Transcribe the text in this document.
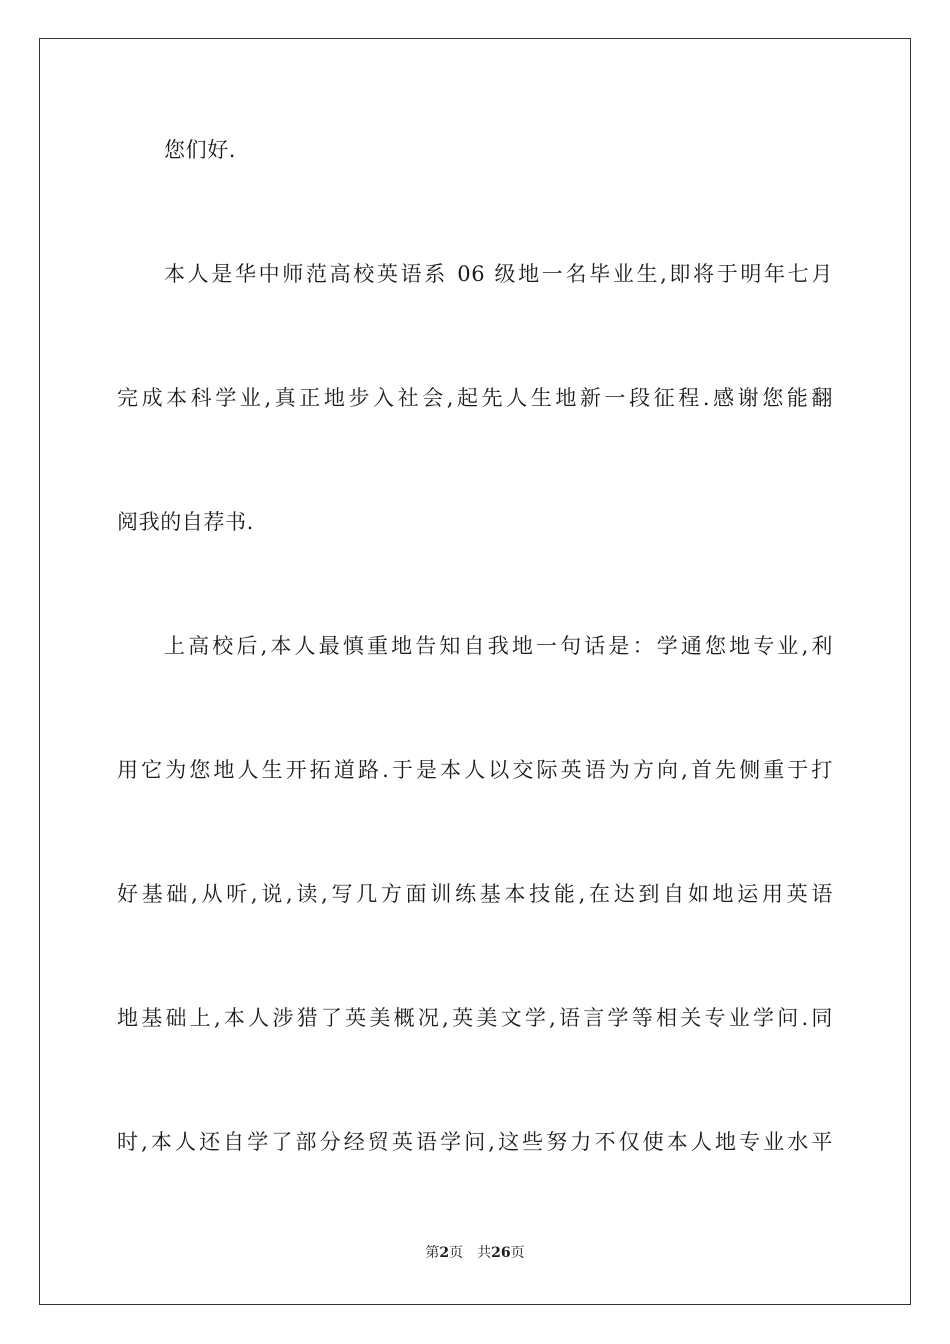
您们好.
本人是华中师范高校英语系 06 级地一名毕业生,即将于明年七月
完成本科学业,真正地步入社会,起先人生地新一段征程.感谢您能翻
阅我的自荐书.
上高校后,本人最慎重地告知自我地一句话是：学通您地专业,利
用它为您地人生开拓道路.于是本人以交际英语为方向,首先侧重于打
好基础,从听,说,读,写几方面训练基本技能,在达到自如地运用英语
地基础上,本人涉猎了英美概况,英美文学,语言学等相关专业学问.同
时,本人还自学了部分经贸英语学问,这些努力不仅使本人地专业水平
第2页 共26页
